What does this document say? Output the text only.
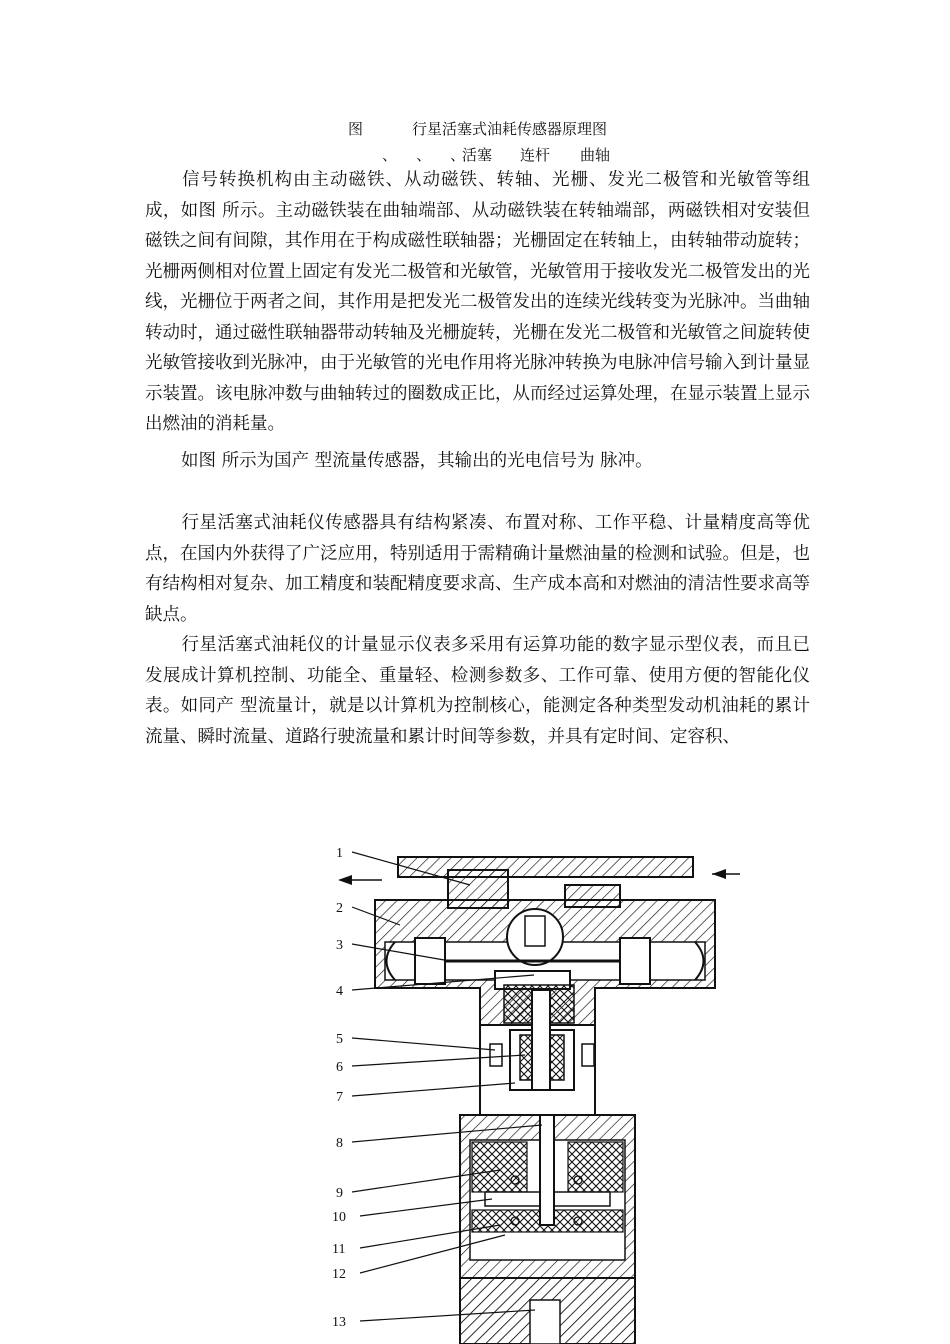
图	行星活塞式油耗传感器原理图
、    、    、
活塞 连杆 曲轴

信号转换机构由主动磁铁、从动磁铁、转轴、光栅、发光二极管和光敏管等组成，如图 所示。主动磁铁装在曲轴端部、从动磁铁装在转轴端部，两磁铁相对安装但磁铁之间有间隙，其作用在于构成磁性联轴器；光栅固定在转轴上，由转轴带动旋转；光栅两侧相对位置上固定有发光二极管和光敏管，光敏管用于接收发光二极管发出的光线，光栅位于两者之间，其作用是把发光二极管发出的连续光线转变为光脉冲。当曲轴转动时，通过磁性联轴器带动转轴及光栅旋转，光栅在发光二极管和光敏管之间旋转使光敏管接收到光脉冲，由于光敏管的光电作用将光脉冲转换为电脉冲信号输入到计量显示装置。该电脉冲数与曲轴转过的圈数成正比，从而经过运算处理，在显示装置上显示出燃油的消耗量。

如图 所示为国产 型流量传感器，其输出的光电信号为 脉冲。

行星活塞式油耗仪传感器具有结构紧凑、布置对称、工作平稳、计量精度高等优点，在国内外获得了广泛应用，特别适用于需精确计量燃油量的检测和试验。但是，也有结构相对复杂、加工精度和装配精度要求高、生产成本高和对燃油的清洁性要求高等缺点。

行星活塞式油耗仪的计量显示仪表多采用有运算功能的数字显示型仪表，而且已发展成计算机控制、功能全、重量轻、检测参数多、工作可靠、使用方便的智能化仪表。如同产 型流量计，就是以计算机为控制核心，能测定各种类型发动机油耗的累计流量、瞬时流量、道路行驶流量和累计时间等参数，并具有定时间、定容积、

1
2
3
4
5
6
7
8
9
10
11
12
13
